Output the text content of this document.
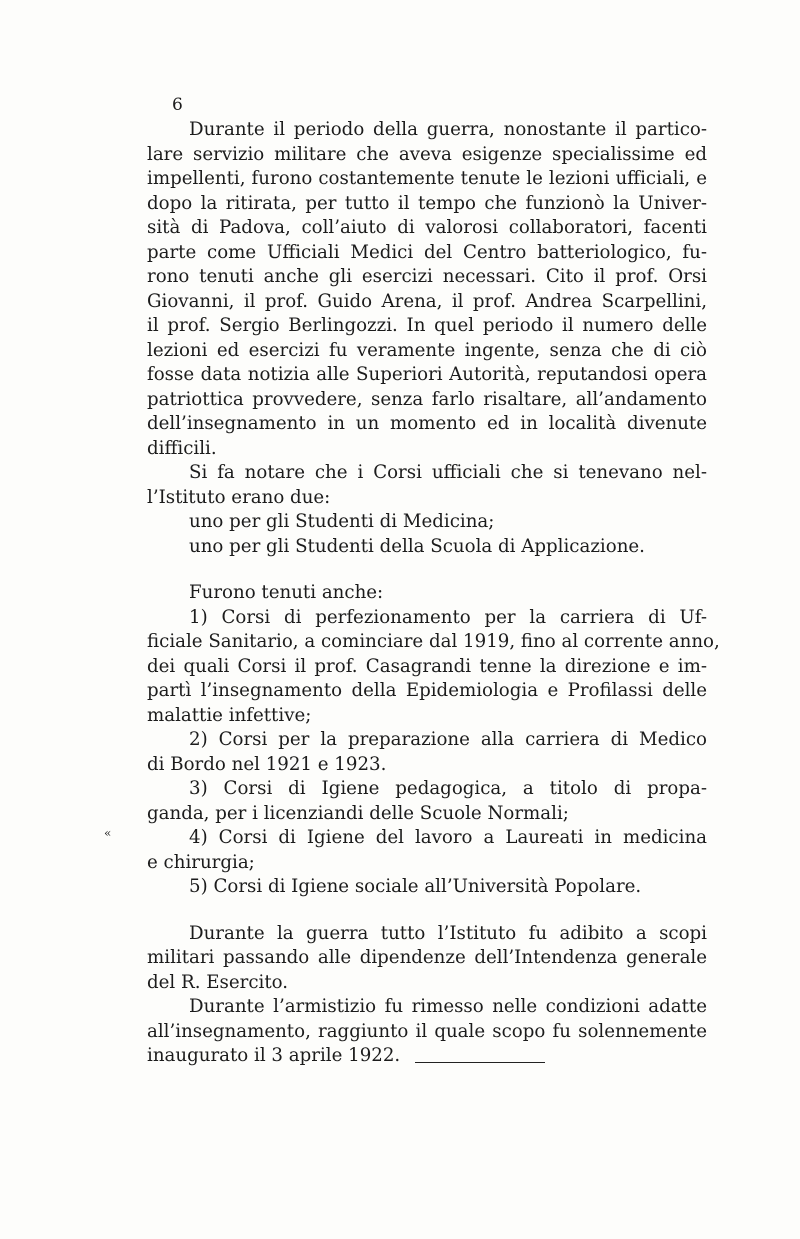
6
«
Durante il periodo della guerra, nonostante il partico-
lare servizio militare che aveva esigenze specialissime ed
impellenti, furono costantemente tenute le lezioni ufficiali, e
dopo la ritirata, per tutto il tempo che funzionò la Univer-
sità di Padova, coll’aiuto di valorosi collaboratori, facenti
parte come Ufficiali Medici del Centro batteriologico, fu-
rono tenuti anche gli esercizi necessari. Cito il prof. Orsi
Giovanni, il prof. Guido Arena, il prof. Andrea Scarpellini,
il prof. Sergio Berlingozzi. In quel periodo il numero delle
lezioni ed esercizi fu veramente ingente, senza che di ciò
fosse data notizia alle Superiori Autorità, reputandosi opera
patriottica provvedere, senza farlo risaltare, all’andamento
dell’insegnamento in un momento ed in località divenute
difficili.
Si fa notare che i Corsi ufficiali che si tenevano nel-
l’Istituto erano due:
uno per gli Studenti di Medicina;
uno per gli Studenti della Scuola di Applicazione.
Furono tenuti anche:
1) Corsi di perfezionamento per la carriera di Uf-
ficiale Sanitario, a cominciare dal 1919, fino al corrente anno,
dei quali Corsi il prof. Casagrandi tenne la direzione e im-
partì l’insegnamento della Epidemiologia e Profilassi delle
malattie infettive;
2) Corsi per la preparazione alla carriera di Medico
di Bordo nel 1921 e 1923.
3) Corsi di Igiene pedagogica, a titolo di propa-
ganda, per i licenziandi delle Scuole Normali;
4) Corsi di Igiene del lavoro a Laureati in medicina
e chirurgia;
5) Corsi di Igiene sociale all’Università Popolare.
Durante la guerra tutto l’Istituto fu adibito a scopi
militari passando alle dipendenze dell’Intendenza generale
del R. Esercito.
Durante l’armistizio fu rimesso nelle condizioni adatte
all’insegnamento, raggiunto il quale scopo fu solennemente
inaugurato il 3 aprile 1922.
